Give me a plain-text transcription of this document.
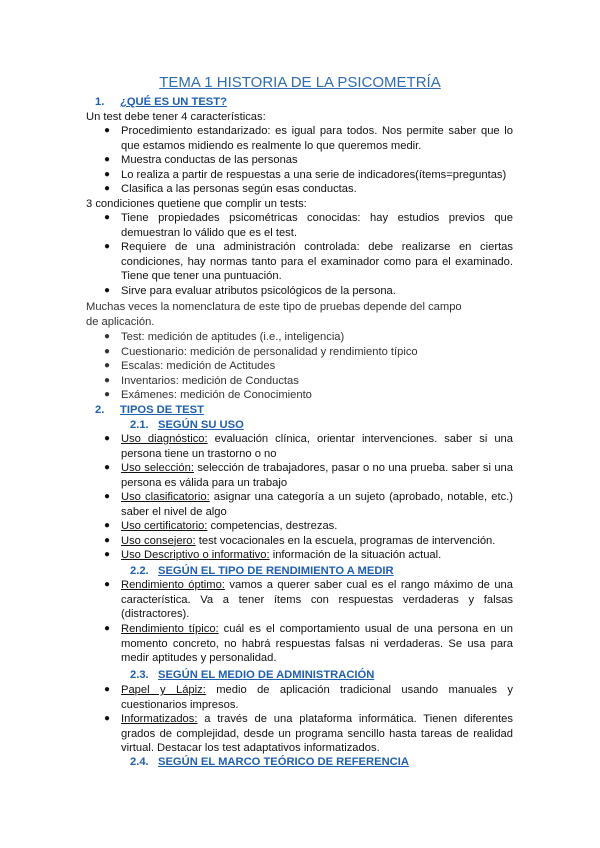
TEMA 1 HISTORIA DE LA PSICOMETRÍA
1. ¿QUÉ ES UN TEST?
Un test debe tener 4 características:
● Procedimiento estandarizado: es igual para todos. Nos permite saber que lo que estamos midiendo es realmente lo que queremos medir.
● Muestra conductas de las personas
● Lo realiza a partir de respuestas a una serie de indicadores(ítems=preguntas)
● Clasifica a las personas según esas conductas.
3 condiciones quetiene que complir un tests:
● Tiene propiedades psicométricas conocidas: hay estudios previos que demuestran lo válido que es el test.
● Requiere de una administración controlada: debe realizarse en ciertas condiciones, hay normas tanto para el examinador como para el examinado. Tiene que tener una puntuación.
● Sirve para evaluar atributos psicológicos de la persona.
Muchas veces la nomenclatura de este tipo de pruebas depende del campo de aplicación.
● Test: medición de aptitudes (i.e., inteligencia)
● Cuestionario: medición de personalidad y rendimiento típico
● Escalas: medición de Actitudes
● Inventarios: medición de Conductas
● Exámenes: medición de Conocimiento
2. TIPOS DE TEST
2.1. SEGÚN SU USO
● Uso diagnóstico: evaluación clínica, orientar intervenciones. saber si una persona tiene un trastorno o no
● Uso selección: selección de trabajadores, pasar o no una prueba. saber si una persona es válida para un trabajo
● Uso clasificatorio: asignar una categoría a un sujeto (aprobado, notable, etc.) saber el nivel de algo
● Uso certificatorio: competencias, destrezas.
● Uso consejero: test vocacionales en la escuela, programas de intervención.
● Uso Descriptivo o informativo: información de la situación actual.
2.2. SEGÚN EL TIPO DE RENDIMIENTO A MEDIR
● Rendimiento óptimo: vamos a querer saber cual es el rango máximo de una característica. Va a tener ítems con respuestas verdaderas y falsas (distractores).
● Rendimiento típico: cuál es el comportamiento usual de una persona en un momento concreto, no habrá respuestas falsas ni verdaderas. Se usa para medir aptitudes y personalidad.
2.3. SEGÚN EL MEDIO DE ADMINISTRACIÓN
● Papel y Lápiz: medio de aplicación tradicional usando manuales y cuestionarios impresos.
● Informatizados: a través de una plataforma informática. Tienen diferentes grados de complejidad, desde un programa sencillo hasta tareas de realidad virtual. Destacar los test adaptativos informatizados.
2.4. SEGÚN EL MARCO TEÓRICO DE REFERENCIA
